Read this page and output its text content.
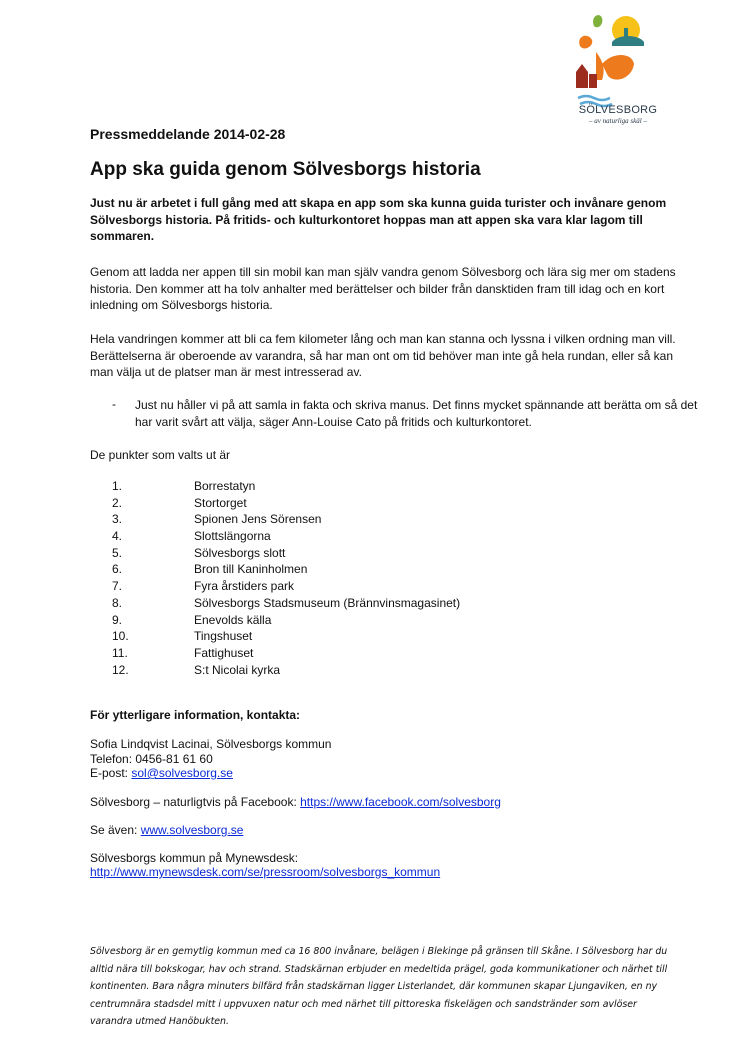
SÖLVESBORG
– av naturliga skäl –
Pressmeddelande 2014-02-28
App ska guida genom Sölvesborgs historia
Just nu är arbetet i full gång med att skapa en app som ska kunna guida turister och invånare genom Sölvesborgs historia. På fritids- och kulturkontoret hoppas man att appen ska vara klar lagom till sommaren.
Genom att ladda ner appen till sin mobil kan man själv vandra genom Sölvesborg och lära sig mer om stadens historia. Den kommer att ha tolv anhalter med berättelser och bilder från dansktiden fram till idag och en kort inledning om Sölvesborgs historia.
Hela vandringen kommer att bli ca fem kilometer lång och man kan stanna och lyssna i vilken ordning man vill. Berättelserna är oberoende av varandra, så har man ont om tid behöver man inte gå hela rundan, eller så kan man välja ut de platser man är mest intresserad av.
- Just nu håller vi på att samla in fakta och skriva manus. Det finns mycket spännande att berätta om så det har varit svårt att välja, säger Ann-Louise Cato på fritids och kulturkontoret.
De punkter som valts ut är
1.	Borrestatyn
2.	Stortorget
3.	Spionen Jens Sörensen
4.	Slottslängorna
5.	Sölvesborgs slott
6.	Bron till Kaninholmen
7.	Fyra årstiders park
8.	Sölvesborgs Stadsmuseum (Brännvinsmagasinet)
9.	Enevolds källa
10.	Tingshuset
11.	Fattighuset
12.	S:t Nicolai kyrka
För ytterligare information, kontakta:
Sofia Lindqvist Lacinai, Sölvesborgs kommun
Telefon: 0456-81 61 60
E-post: sol@solvesborg.se
Sölvesborg – naturligtvis på Facebook: https://www.facebook.com/solvesborg
Se även: www.solvesborg.se
Sölvesborgs kommun på Mynewsdesk:
http://www.mynewsdesk.com/se/pressroom/solvesborgs_kommun
Sölvesborg är en gemytlig kommun med ca 16 800 invånare, belägen i Blekinge på gränsen till Skåne. I Sölvesborg har du alltid nära till bokskogar, hav och strand. Stadskärnan erbjuder en medeltida prägel, goda kommunikationer och närhet till kontinenten. Bara några minuters bilfärd från stadskärnan ligger Listerlandet, där kommunen skapar Ljungaviken, en ny centrumnära stadsdel mitt i uppvuxen natur och med närhet till pittoreska fiskelägen och sandstränder som avlöser varandra utmed Hanöbukten.
